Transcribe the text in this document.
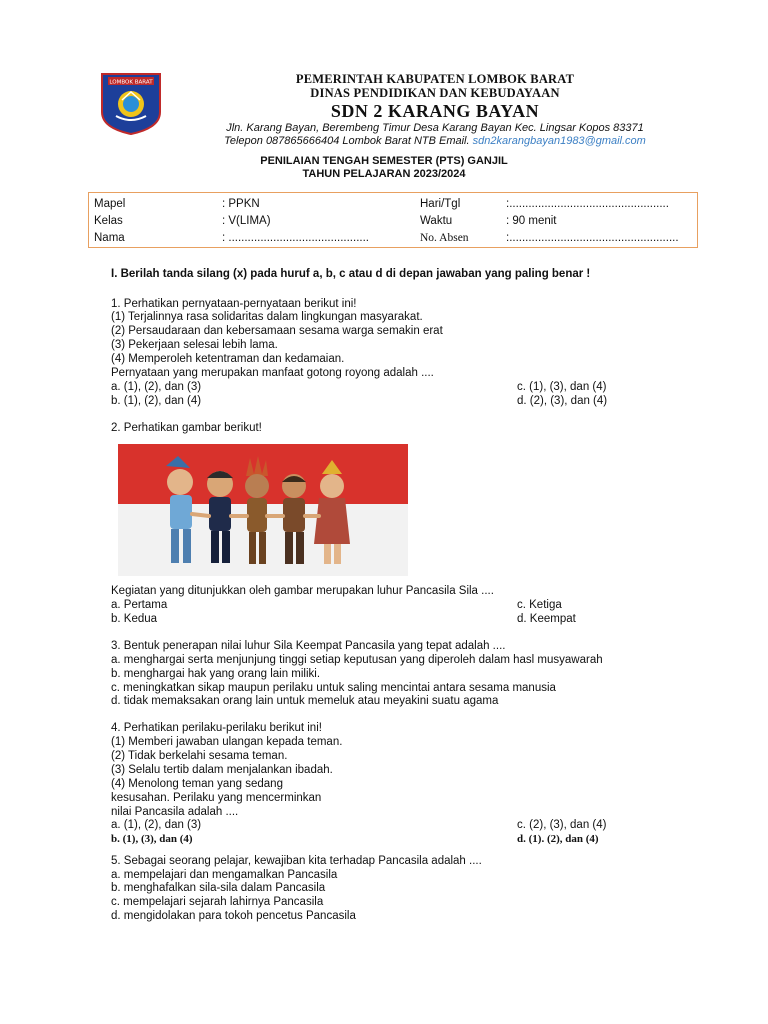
LOMBOK BARAT	PEMERINTAH KABUPATEN LOMBOK BARAT
DINAS PENDIDIKAN DAN KEBUDAYAAN
SDN 2 KARANG BAYAN
Jln. Karang Bayan, Berembeng Timur Desa Karang Bayan Kec. Lingsar Kopos 83371
Telepon 087865666404 Lombok Barat NTB Email. sdn2karangbayan1983@gmail.com
PENILAIAN TENGAH SEMESTER (PTS) GANJIL
TAHUN PELAJARAN 2023/2024
Mapel	: PPKN	Hari/Tgl	:..................................................
Kelas	: V(LIMA)	Waktu	: 90 menit
Nama	: ............................................	No. Absen	:.....................................................
I. Berilah tanda silang (x) pada huruf a, b, c atau d di depan jawaban yang paling benar !
1. Perhatikan pernyataan-pernyataan berikut ini!
(1) Terjalinnya rasa solidaritas dalam lingkungan masyarakat.
(2) Persaudaraan dan kebersamaan sesama warga semakin erat
(3) Pekerjaan selesai lebih lama.
(4) Memperoleh ketentraman dan kedamaian.
Pernyataan yang merupakan manfaat gotong royong adalah ....
a. (1), (2), dan (3)	c. (1), (3), dan (4)
b. (1), (2), dan (4)	d. (2), (3), dan (4)
2. Perhatikan gambar berikut!
Kegiatan yang ditunjukkan oleh gambar merupakan luhur Pancasila Sila ....
a. Pertama	c. Ketiga
b. Kedua	d. Keempat
3. Bentuk penerapan nilai luhur Sila Keempat Pancasila yang tepat adalah ....
a. menghargai serta menjunjung tinggi setiap keputusan yang diperoleh dalam hasl musyawarah
b. menghargai hak yang orang lain miliki.
c. meningkatkan sikap maupun perilaku untuk saling mencintai antara sesama manusia
d. tidak memaksakan orang lain untuk memeluk atau meyakini suatu agama
4. Perhatikan perilaku-perilaku berikut ini!
(1) Memberi jawaban ulangan kepada teman.
(2) Tidak berkelahi sesama teman.
(3) Selalu tertib dalam menjalankan ibadah.
(4) Menolong teman yang sedang
kesusahan. Perilaku yang mencerminkan
nilai Pancasila adalah ....
a. (1), (2), dan (3)	c. (2), (3), dan (4)
b. (1), (3), dan (4)	d. (1). (2), dan (4)
5. Sebagai seorang pelajar, kewajiban kita terhadap Pancasila adalah ....
a. mempelajari dan mengamalkan Pancasila
b. menghafalkan sila-sila dalam Pancasila
c. mempelajari sejarah lahirnya Pancasila
d. mengidolakan para tokoh pencetus Pancasila
